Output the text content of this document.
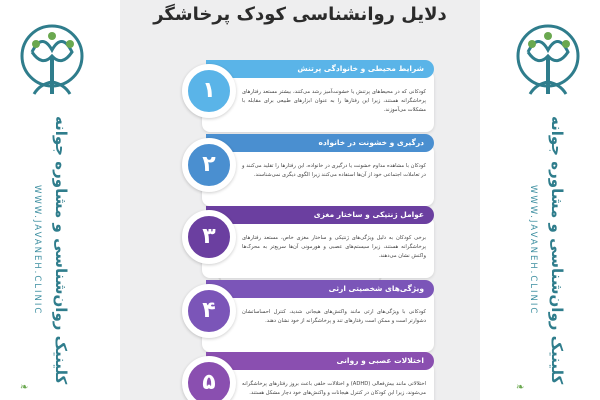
کلینیک روان‌شناسی و مشاوره جوانه
WWW.JAVANEH.CLINIC
❧
کلینیک روان‌شناسی و مشاوره جوانه
WWW.JAVANEH.CLINIC
❧
دلایل روانشناسی کودک پرخاشگر
کودکانی که در محیط‌های پرتنش یا خشونت‌آمیز رشد می‌کنند، بیشتر مستعد رفتارهای پرخاشگرانه هستند، زیرا این رفتارها را به عنوان ابزارهای طبیعی برای مقابله با مشکلات می‌آموزند.
شرایط محیطی و خانوادگی پرتنش
۱
کودکان با مشاهده مداوم خشونت یا درگیری در خانواده، این رفتارها را تقلید می‌کنند و در تعاملات اجتماعی خود از آن‌ها استفاده می‌کنند زیرا الگوی دیگری نمی‌شناسند.
درگیری و خشونت در خانواده
۲
برخی کودکان به دلیل ویژگی‌های ژنتیکی و ساختار مغزی خاص، مستعد رفتارهای پرخاشگرانه هستند، زیرا سیستم‌های عصبی و هورمونی آن‌ها سریع‌تر به محرک‌ها واکنش نشان می‌دهند.
عوامل ژنتیکی و ساختار مغزی
۳
کودکانی با ویژگی‌های ارثی مانند واکنش‌های هیجانی شدید، کنترل احساساتشان دشوارتر است و ممکن است رفتارهای تند و پرخاشگرانه از خود نشان دهند.
ویژگی‌های شخصیتی ارثی
۴
اختلالاتی مانند بیش‌فعالی (ADHD) و اختلالات خلقی باعث بروز رفتارهای پرخاشگرانه می‌شوند، زیرا این کودکان در کنترل هیجانات و واکنش‌های خود دچار مشکل هستند.
اختلالات عصبی و روانی
۵
